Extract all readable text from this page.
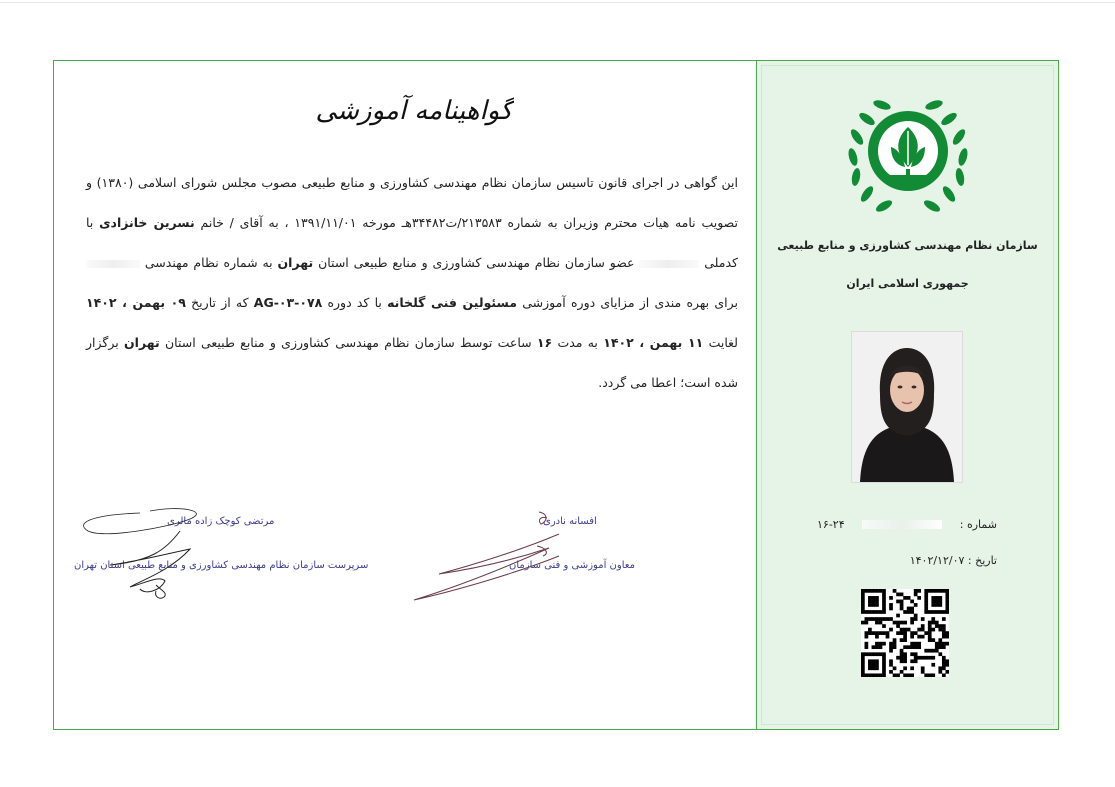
سازمان نظام مهندسی کشاورزی و منابع طبیعی
جمهوری اسلامی ایران
شماره :
۱۶-۲۴
تاریخ : ۱۴۰۲/۱۲/۰۷
گواهینامه آموزشی
این گواهی در اجرای قانون تاسیس سازمان نظام مهندسی کشاورزی و منابع طبیعی مصوب مجلس شورای اسلامی (۱۳۸۰) و تصویب نامه هیات محترم وزیران به شماره ۲۱۳۵۸۳/ت۳۴۴۸۲هـ مورخه ۱۳۹۱/۱۱/۰۱ ، به آقای / خانم نسرین خانزادی با کدملی  عضو سازمان نظام مهندسی کشاورزی و منابع طبیعی استان تهران به شماره نظام مهندسی  برای بهره مندی از مزایای دوره آموزشی مسئولین فنی گلخانه با کد دوره AG-۰۳-۰۷۸ که از تاریخ ۰۹ بهمن ، ۱۴۰۲ لغایت ۱۱ بهمن ، ۱۴۰۲ به مدت ۱۶ ساعت توسط سازمان نظام مهندسی کشاورزی و منابع طبیعی استان تهران برگزار شده است؛ اعطا می گردد.
مرتضی کوچک زاده مالری
سرپرست سازمان نظام مهندسی کشاورزی و منابع طبیعی استان تهران
افسانه نادری
معاون آموزشی و فنی سازمان
